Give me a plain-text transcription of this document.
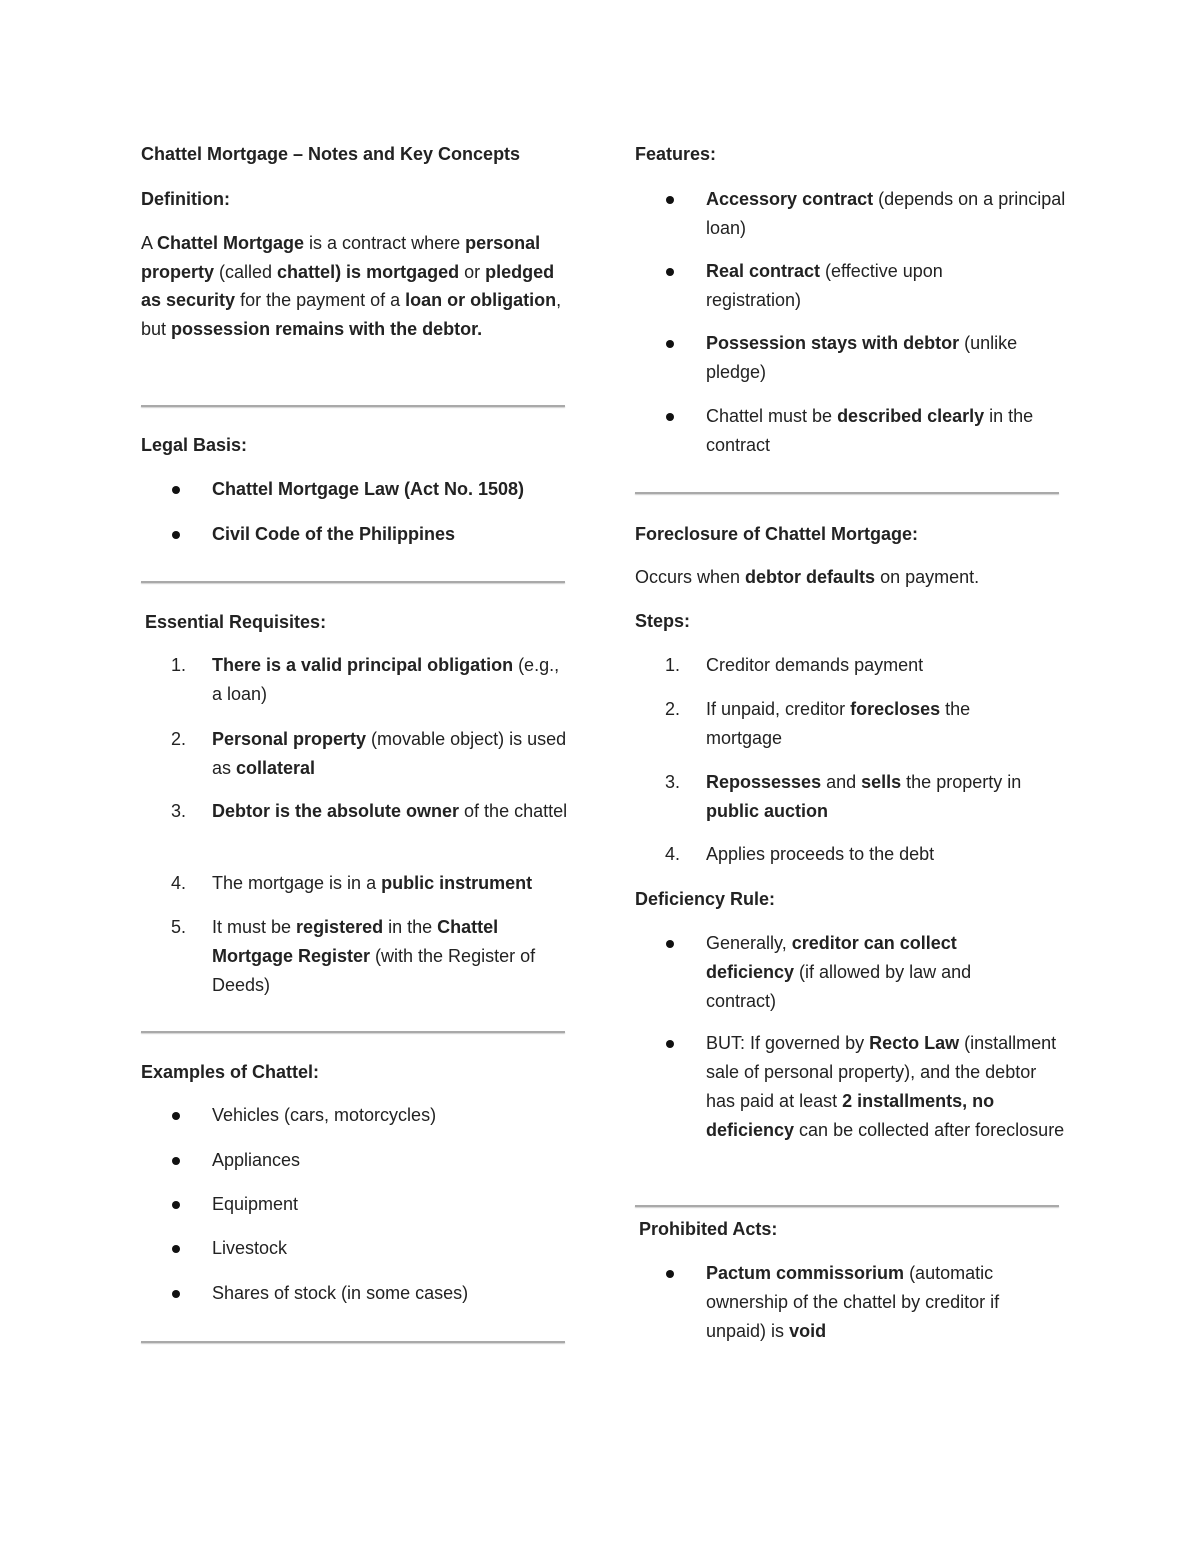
Chattel Mortgage – Notes and Key Concepts

Definition:

A Chattel Mortgage is a contract where personal property (called chattel) is mortgaged or pledged as security for the payment of a loan or obligation, but possession remains with the debtor.

Legal Basis:

Chattel Mortgage Law (Act No. 1508)
Civil Code of the Philippines

Essential Requisites:

1. There is a valid principal obligation (e.g., a loan)
2. Personal property (movable object) is used as collateral
3. Debtor is the absolute owner of the chattel
4. The mortgage is in a public instrument
5. It must be registered in the Chattel Mortgage Register (with the Register of Deeds)

Examples of Chattel:

Vehicles (cars, motorcycles)
Appliances
Equipment
Livestock
Shares of stock (in some cases)

Features:

Accessory contract (depends on a principal loan)
Real contract (effective upon registration)
Possession stays with debtor (unlike pledge)
Chattel must be described clearly in the contract

Foreclosure of Chattel Mortgage:

Occurs when debtor defaults on payment.

Steps:

1. Creditor demands payment
2. If unpaid, creditor forecloses the mortgage
3. Repossesses and sells the property in public auction
4. Applies proceeds to the debt

Deficiency Rule:

Generally, creditor can collect deficiency (if allowed by law and contract)
BUT: If governed by Recto Law (installment sale of personal property), and the debtor has paid at least 2 installments, no deficiency can be collected after foreclosure

Prohibited Acts:

Pactum commissorium (automatic ownership of the chattel by creditor if unpaid) is void
